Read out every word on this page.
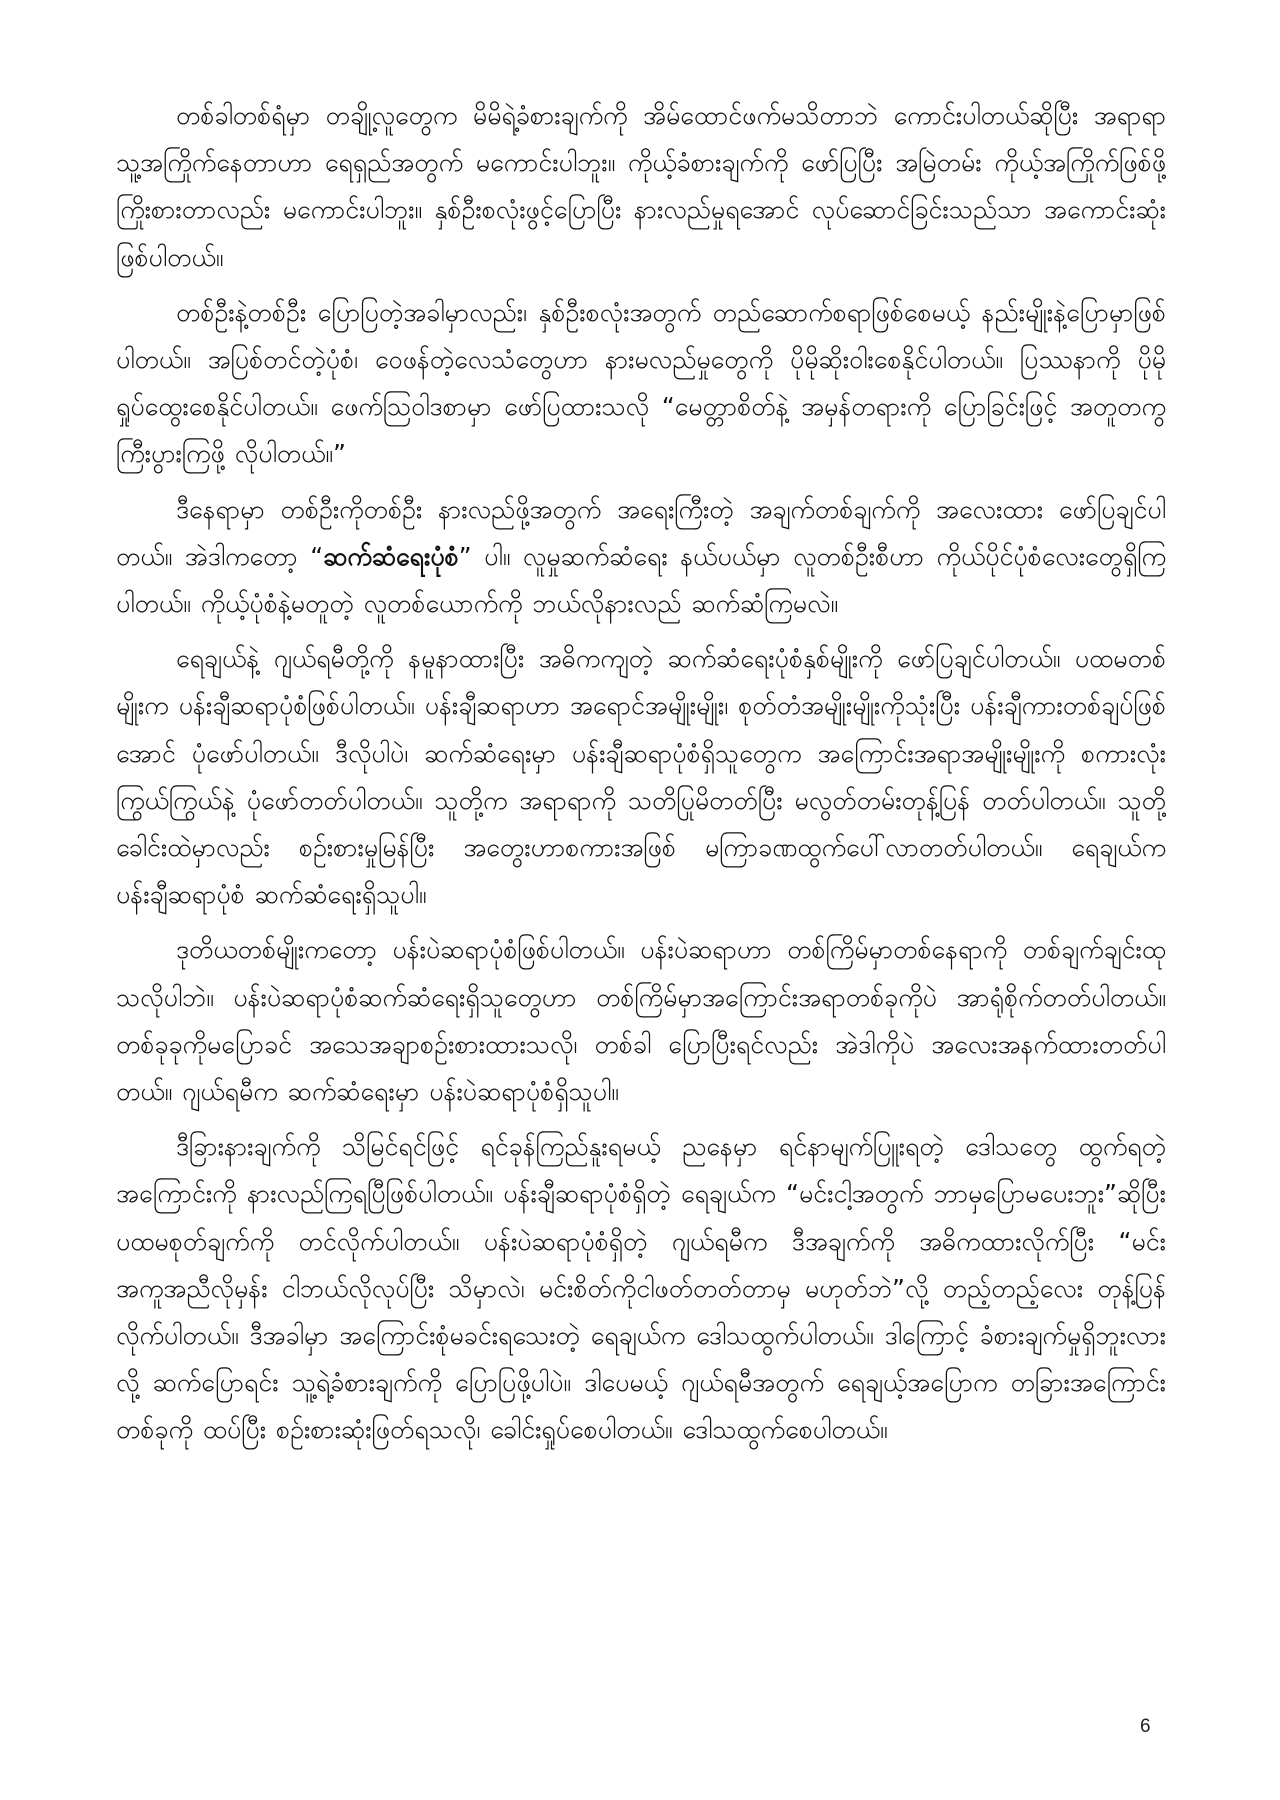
တစ်ခါတစ်ရံမှာ တချို့လူတွေက မိမိရဲ့ခံစားချက်ကို အိမ်ထောင်ဖက်မသိတာဘဲ ကောင်းပါတယ်ဆိုပြီး အရာရာ သူ့အကြိုက်နေတာဟာ ရေရှည်အတွက် မကောင်းပါဘူး။ ကိုယ့်ခံစားချက်ကို ဖော်ပြပြီး အမြဲတမ်း ကိုယ့်အကြိုက်ဖြစ်ဖို့ ကြိုးစားတာလည်း မကောင်းပါဘူး။ နှစ်ဦးစလုံးဖွင့်ပြောပြီး နားလည်မှုရအောင် လုပ်ဆောင်ခြင်းသည်သာ အကောင်းဆုံးဖြစ်ပါတယ်။

တစ်ဦးနဲ့တစ်ဦး ပြောပြတဲ့အခါမှာလည်း၊ နှစ်ဦးစလုံးအတွက် တည်ဆောက်စရာဖြစ်စေမယ့် နည်းမျိုးနဲ့ပြောမှာဖြစ်ပါတယ်။ အပြစ်တင်တဲ့ပုံစံ၊ ဝေဖန်တဲ့လေသံတွေဟာ နားမလည်မှုတွေကို ပိုမိုဆိုးဝါးစေနိုင်ပါတယ်။ ပြဿနာကို ပိုမိုရှုပ်ထွေးစေနိုင်ပါတယ်။ ဖေက်ဩဝါဒစာမှာ ဖော်ပြထားသလို “မေတ္တာစိတ်နဲ့ အမှန်တရားကို ပြောခြင်းဖြင့် အတူတကွ ကြီးပွားကြဖို့ လိုပါတယ်။”

ဒီနေရာမှာ တစ်ဦးကိုတစ်ဦး နားလည်ဖို့အတွက် အရေးကြီးတဲ့ အချက်တစ်ချက်ကို အလေးထား ဖော်ပြချင်ပါတယ်။ အဲဒါကတော့ “ဆက်ဆံရေးပုံစံ” ပါ။ လူမှုဆက်ဆံရေး နယ်ပယ်မှာ လူတစ်ဦးစီဟာ ကိုယ်ပိုင်ပုံစံလေးတွေရှိကြပါတယ်။ ကိုယ့်ပုံစံနဲ့မတူတဲ့ လူတစ်ယောက်ကို ဘယ်လိုနားလည် ဆက်ဆံကြမလဲ။

ရေချယ်နဲ့ ဂျယ်ရမီတို့ကို နမူနာထားပြီး အဓိကကျတဲ့ ဆက်ဆံရေးပုံစံနှစ်မျိုးကို ဖော်ပြချင်ပါတယ်။ ပထမတစ်မျိုးက ပန်းချီဆရာပုံစံဖြစ်ပါတယ်။ ပန်းချီဆရာဟာ အရောင်အမျိုးမျိုး၊ စုတ်တံအမျိုးမျိုးကိုသုံးပြီး ပန်းချီကားတစ်ချပ်ဖြစ်အောင် ပုံဖော်ပါတယ်။ ဒီလိုပါပဲ၊ ဆက်ဆံရေးမှာ ပန်းချီဆရာပုံစံရှိသူတွေက အကြောင်းအရာအမျိုးမျိုးကို စကားလုံး ကြွယ်ကြွယ်နဲ့ ပုံဖော်တတ်ပါတယ်။ သူတို့က အရာရာကို သတိပြုမိတတ်ပြီး မလွတ်တမ်းတုန့်ပြန် တတ်ပါတယ်။ သူတို့ခေါင်းထဲမှာလည်း စဉ်းစားမှုမြန်ပြီး အတွေးဟာစကားအဖြစ် မကြာခဏထွက်ပေါ်လာတတ်ပါတယ်။ ရေချယ်က ပန်းချီဆရာပုံစံ ဆက်ဆံရေးရှိသူပါ။

ဒုတိယတစ်မျိုးကတော့ ပန်းပဲဆရာပုံစံဖြစ်ပါတယ်။ ပန်းပဲဆရာဟာ တစ်ကြိမ်မှာတစ်နေရာကို တစ်ချက်ချင်းထုသလိုပါဘဲ။ ပန်းပဲဆရာပုံစံဆက်ဆံရေးရှိသူတွေဟာ တစ်ကြိမ်မှာအကြောင်းအရာတစ်ခုကိုပဲ အာရုံစိုက်တတ်ပါတယ်။ တစ်ခုခုကိုမပြောခင် အသေအချာစဉ်းစားထားသလို၊ တစ်ခါ ပြောပြီးရင်လည်း အဲဒါကိုပဲ အလေးအနက်ထားတတ်ပါတယ်။ ဂျယ်ရမီက ဆက်ဆံရေးမှာ ပန်းပဲဆရာပုံစံရှိသူပါ။

ဒီခြားနားချက်ကို သိမြင်ရင်ဖြင့် ရင်ခုန်ကြည်နူးရမယ့် ညနေမှာ ရင်နာမျက်ပြူးရတဲ့ ဒေါသတွေ ထွက်ရတဲ့အကြောင်းကို နားလည်ကြရပြီဖြစ်ပါတယ်။ ပန်းချီဆရာပုံစံရှိတဲ့ ရေချယ်က “မင်းငါ့အတွက် ဘာမှပြောမပေးဘူး”ဆိုပြီး ပထမစုတ်ချက်ကို တင်လိုက်ပါတယ်။ ပန်းပဲဆရာပုံစံရှိတဲ့ ဂျယ်ရမီက ဒီအချက်ကို အဓိကထားလိုက်ပြီး “မင်းအကူအညီလိုမှန်း ငါဘယ်လိုလုပ်ပြီး သိမှာလဲ၊ မင်းစိတ်ကိုငါဖတ်တတ်တာမှ မဟုတ်ဘဲ”လို့ တည့်တည့်လေး တုန့်ပြန်လိုက်ပါတယ်။ ဒီအခါမှာ အကြောင်းစုံမခင်းရသေးတဲ့ ရေချယ်က ဒေါသထွက်ပါတယ်။ ဒါကြောင့် ခံစားချက်မှုရှိဘူးလားလို့ ဆက်ပြောရင်း သူ့ရဲ့ခံစားချက်ကို ပြောပြဖို့ပါပဲ။ ဒါပေမယ့် ဂျယ်ရမီအတွက် ရေချယ့်အပြောက တခြားအကြောင်း တစ်ခုကို ထပ်ပြီး စဉ်းစားဆုံးဖြတ်ရသလို၊ ခေါင်းရှုပ်စေပါတယ်။ ဒေါသထွက်စေပါတယ်။

6
